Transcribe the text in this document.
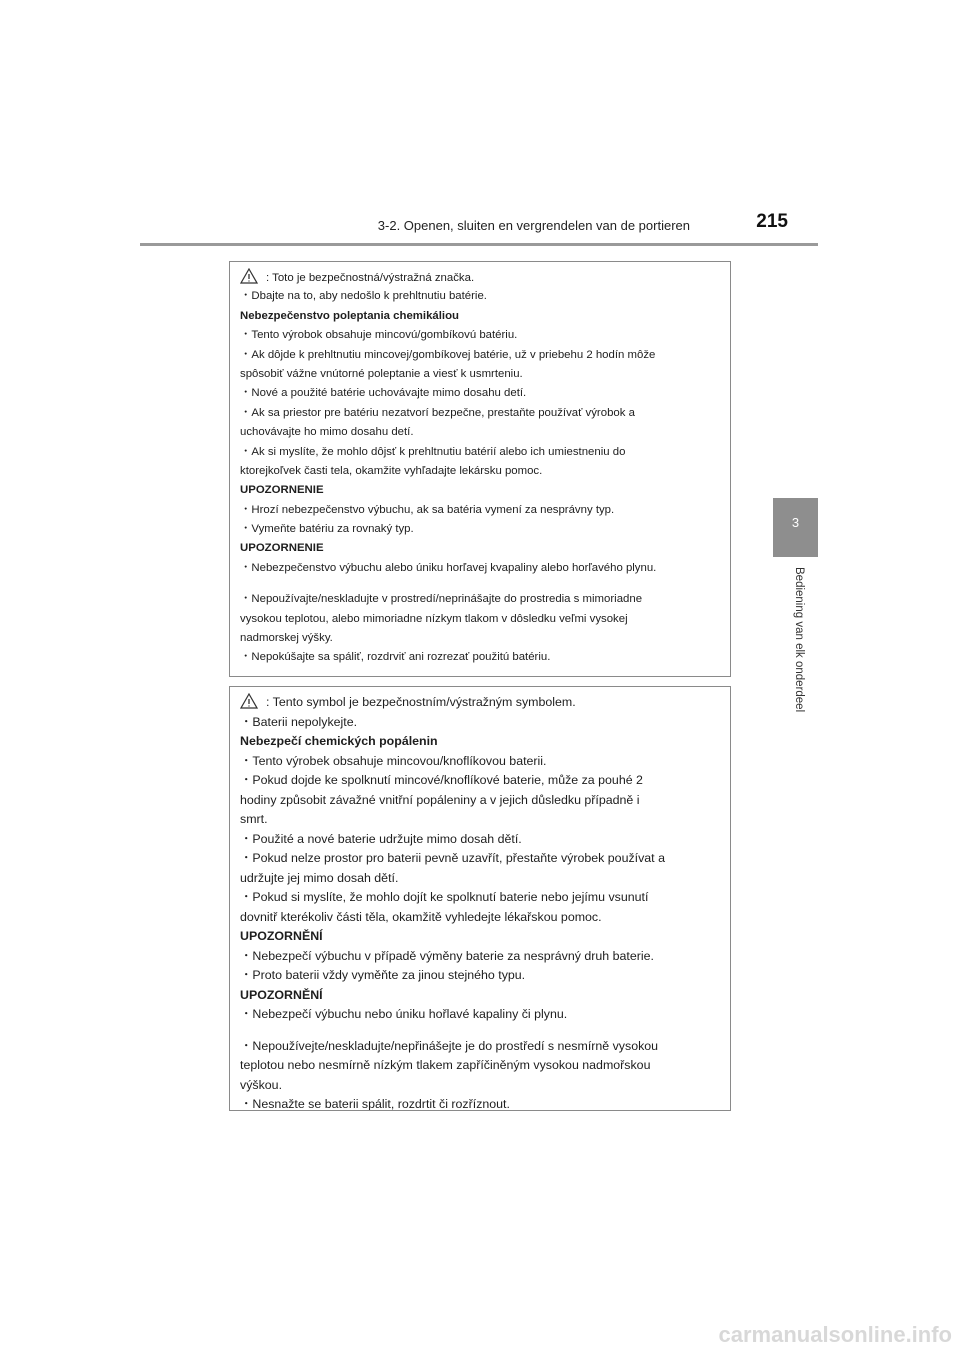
3-2. Openen, sluiten en vergrendelen van de portieren	215
3
Bediening van elk onderdeel
: Toto je bezpečnostná/výstražná značka.
・Dbajte na to, aby nedošlo k prehltnutiu batérie.
Nebezpečenstvo poleptania chemikáliou
・Tento výrobok obsahuje mincovú/gombíkovú batériu.
・Ak dôjde k prehltnutiu mincovej/gombíkovej batérie, už v priebehu 2 hodín môže
spôsobiť vážne vnútorné poleptanie a viesť k usmrteniu.
・Nové a použité batérie uchovávajte mimo dosahu detí.
・Ak sa priestor pre batériu nezatvorí bezpečne, prestaňte používať výrobok a
uchovávajte ho mimo dosahu detí.
・Ak si myslíte, že mohlo dôjsť k prehltnutiu batérií alebo ich umiestneniu do
ktorejkoľvek časti tela, okamžite vyhľadajte lekársku pomoc.
UPOZORNENIE
・Hrozí nebezpečenstvo výbuchu, ak sa batéria vymení za nesprávny typ.
・Vymeňte batériu za rovnaký typ.
UPOZORNENIE
・Nebezpečenstvo výbuchu alebo úniku horľavej kvapaliny alebo horľavého plynu.
・Nepoužívajte/neskladujte v prostredí/neprinášajte do prostredia s mimoriadne
vysokou teplotou, alebo mimoriadne nízkym tlakom v dôsledku veľmi vysokej
nadmorskej výšky.
・Nepokúšajte sa spáliť, rozdrviť ani rozrezať použitú batériu.
: Tento symbol je bezpečnostním/výstražným symbolem.
・Baterii nepolykejte.
Nebezpečí chemických popálenin
・Tento výrobek obsahuje mincovou/knoflíkovou baterii.
・Pokud dojde ke spolknutí mincové/knoflíkové baterie, může za pouhé 2
hodiny způsobit závažné vnitřní popáleniny a v jejich důsledku případně i
smrt.
・Použité a nové baterie udržujte mimo dosah dětí.
・Pokud nelze prostor pro baterii pevně uzavřít, přestaňte výrobek používat a
udržujte jej mimo dosah dětí.
・Pokud si myslíte, že mohlo dojít ke spolknutí baterie nebo jejímu vsunutí
dovnitř kterékoliv části těla, okamžitě vyhledejte lékařskou pomoc.
UPOZORNĚNÍ
・Nebezpečí výbuchu v případě výměny baterie za nesprávný druh baterie.
・Proto baterii vždy vyměňte za jinou stejného typu.
UPOZORNĚNÍ
・Nebezpečí výbuchu nebo úniku hořlavé kapaliny či plynu.
・Nepoužívejte/neskladujte/nepřinášejte je do prostředí s nesmírně vysokou
teplotou nebo nesmírně nízkým tlakem zapříčiněným vysokou nadmořskou
výškou.
・Nesnažte se baterii spálit, rozdrtit či rozříznout.
carmanualsonline.info
